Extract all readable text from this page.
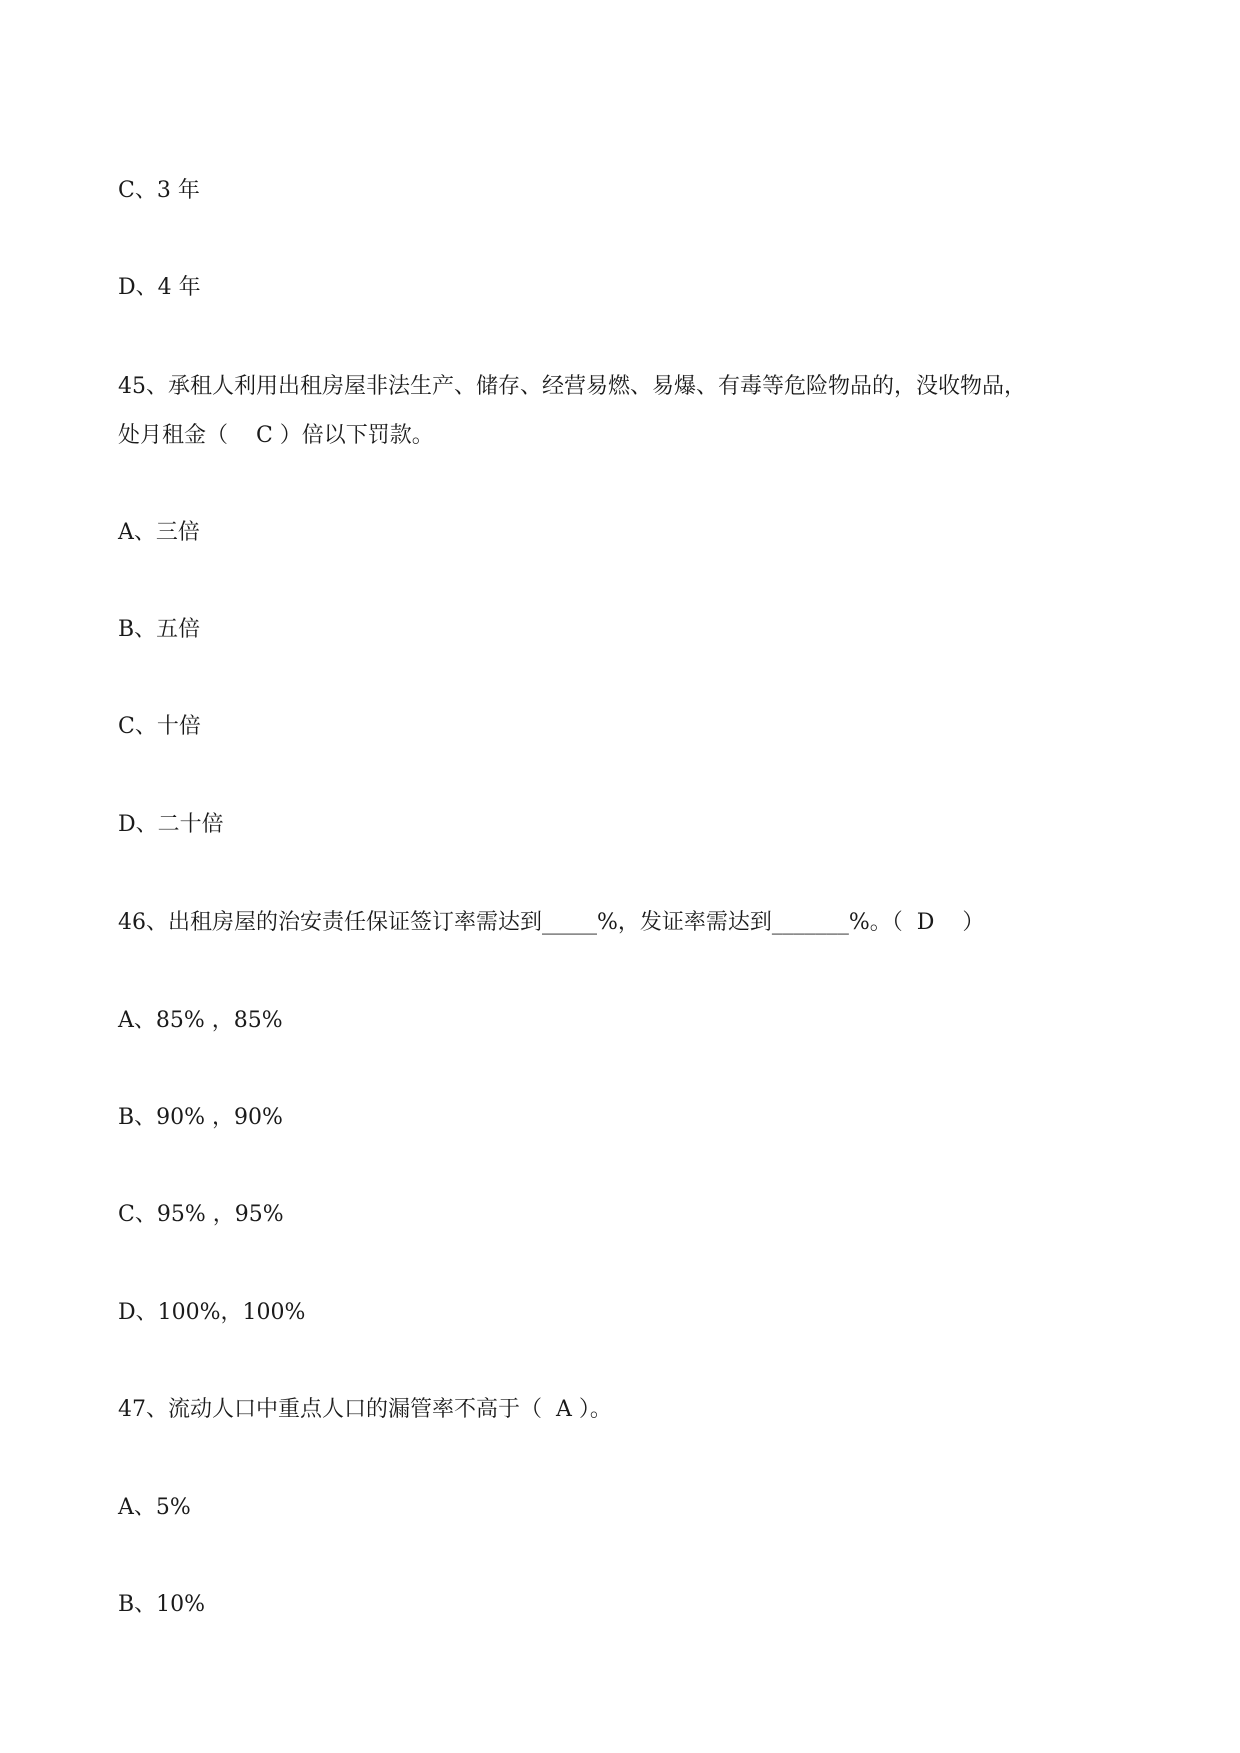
C、3 年
D、4 年
45、承租人利用出租房屋非法生产、储存、经营易燃、易爆、有毒等危险物品的，没收物品，
处月租金（    C ）倍以下罚款。
A、三倍
B、五倍
C、十倍
D、二十倍
46、出租房屋的治安责任保证签订率需达到_____%，发证率需达到_______%。（  D    ）
A、85% ，85%
B、90% ，90%
C、95% ，95%
D、100%，100%
47、流动人口中重点人口的漏管率不高于（  A ）。
A、5%
B、10%
